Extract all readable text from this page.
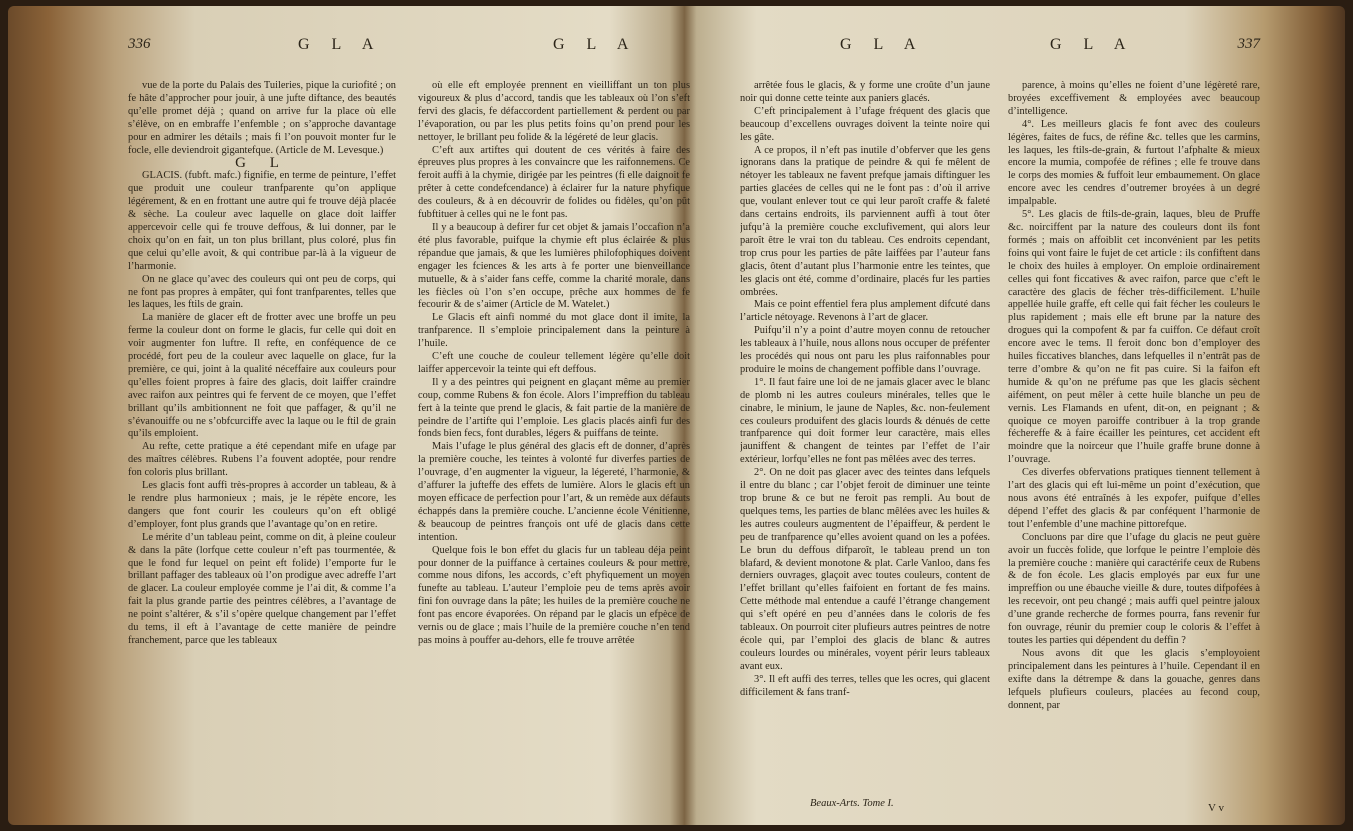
336	G L A	G L A

vue de la porte du Palais des Tuileries, pique la curiofité ; on fe hâte d’approcher pour jouir, à une jufte diftance, des beautés qu’elle promet déjà ; quand on arrive fur la place où elle s’élève, on en embraffe l’enfemble ; on s’approche davantage pour en admirer les détails ; mais fi l’on pouvoit monter fur le focle, elle deviendroit gigantefque. (Article de M. Levesque.)

G L

GLACIS. (fubft. mafc.) fignifie, en terme de peinture, l’effet que produit une couleur tranfparente qu’on applique légérement, & en en frottant une autre qui fe trouve déjà placée & sèche. La couleur avec laquelle on glace doit laiffer appercevoir celle qui fe trouve deffous, & lui donner, par le choix qu’on en fait, un ton plus brillant, plus coloré, plus fin que celui qu’elle avoit, & qui contribue par-là à la vigueur de l’harmonie.

On ne glace qu’avec des couleurs qui ont peu de corps, qui ne font pas propres à empâter, qui font tranfparentes, telles que les laques, les ftils de grain.

La manière de glacer eft de frotter avec une broffe un peu ferme la couleur dont on forme le glacis, fur celle qui doit en voir augmenter fon luftre. Il refte, en conféquence de ce procédé, fort peu de la couleur avec laquelle on glace, fur la première, ce qui, joint à la qualité néceffaire aux couleurs pour qu’elles foient propres à faire des glacis, doit laiffer craindre avec raifon aux peintres qui fe fervent de ce moyen, que l’effet brillant qu’ils ambitionnent ne foit que paffager, & qu’il ne s’évanouiffe ou ne s’obfcurciffe avec la laque ou le ftil de grain qu’ils emploient.

Au refte, cette pratique a été cependant mife en ufage par des maîtres célèbres. Rubens l’a fouvent adoptée, pour rendre fon coloris plus brillant.

Les glacis font auffi très-propres à accorder un tableau, & à le rendre plus harmonieux ; mais, je le répète encore, les dangers que font courir les couleurs qu’on eft obligé d’employer, font plus grands que l’avantage qu’on en retire.

Le mérite d’un tableau peint, comme on dit, à pleine couleur & dans la pâte (lorfque cette couleur n’eft pas tourmentée, & que le fond fur lequel on peint eft folide) l’emporte fur le brillant paffager des tableaux où l’on prodigue avec adreffe l’art de glacer. La couleur employée comme je l’ai dit, & comme l’a fait la plus grande partie des peintres célèbres, a l’avantage de ne point s’altérer, & s’il s’opère quelque changement par l’effet du tems, il eft à l’avantage de cette manière de peindre franchement, parce que les tableaux

où elle eft employée prennent en vieilliffant un ton plus vigoureux & plus d’accord, tandis que les tableaux où l’on s’eft fervi des glacis, fe défaccordent partiellement & perdent ou par l’évaporation, ou par les plus petits foins qu’on prend pour les nettoyer, le brillant peu folide & la légéreté de leur glacis.

C’eft aux artiftes qui doutent de ces vérités à faire des épreuves plus propres à les convaincre que les raifonnemens. Ce feroit auffi à la chymie, dirigée par les peintres (fi elle daignoit fe prêter à cette condefcendance) à éclairer fur la nature phyfique des couleurs, & à en découvrir de folides ou fidèles, qu’on pût fubftituer à celles qui ne le font pas.

Il y a beaucoup à defirer fur cet objet & jamais l’occafion n’a été plus favorable, puifque la chymie eft plus éclairée & plus répandue que jamais, & que les lumières philofophiques doivent engager les fciences & les arts à fe porter une bienveillance mutuelle, & à s’aider fans ceffe, comme la charité morale, dans les fiècles où l’on s’en occupe, prêche aux hommes de fe fecourir & de s’aimer (Article de M. Watelet.)

Le Glacis eft ainfi nommé du mot glace dont il imite, la tranfparence. Il s’emploie principalement dans la peinture à l’huile.

C’eft une couche de couleur tellement légère qu’elle doit laiffer appercevoir la teinte qui eft deffous.

Il y a des peintres qui peignent en glaçant même au premier coup, comme Rubens & fon école. Alors l’impreffion du tableau fert à la teinte que prend le glacis, & fait partie de la manière de peindre de l’artifte qui l’emploie. Les glacis placés ainfi fur des fonds bien fecs, font durables, légers & puiffans de teinte.

Mais l’ufage le plus général des glacis eft de donner, d’après la première couche, les teintes à volonté fur diverfes parties de l’ouvrage, d’en augmenter la vigueur, la légereté, l’harmonie, & d’affurer la jufteffe des effets de lumière. Alors le glacis eft un moyen efficace de perfection pour l’art, & un remède aux défauts échappés dans la première couche. L’ancienne école Vénitienne, & beaucoup de peintres françois ont ufé de glacis dans cette intention.

Quelque fois le bon effet du glacis fur un tableau déja peint pour donner de la puiffance à certaines couleurs & pour mettre, comme nous difons, les accords, c’eft phyfiquement un moyen funefte au tableau. L’auteur l’emploie peu de tems après avoir fini fon ouvrage dans la pâte; les huiles de la première couche ne font pas encore évaporées. On répand par le glacis un efpèce de vernis ou de glace ; mais l’huile de la première couche n’en tend pas moins à pouffer au-dehors, elle fe trouve arrêtée

G L A	G L A	337

arrêtée fous le glacis, & y forme une croûte d’un jaune noir qui donne cette teinte aux paniers glacés.

C’eft principalement à l’ufage fréquent des glacis que beaucoup d’excellens ouvrages doivent la teinte noire qui les gâte.

A ce propos, il n’eft pas inutile d’obferver que les gens ignorans dans la pratique de peindre & qui fe mêlent de nétoyer les tableaux ne favent prefque jamais diftinguer les parties glacées de celles qui ne le font pas : d’où il arrive que, voulant enlever tout ce qui leur paroît craffe & faleté dans certains endroits, ils parviennent auffi à tout ôter jufqu’à la première couche exclufivement, qui alors leur paroît être le vrai ton du tableau. Ces endroits cependant, trop crus pour les parties de pâte laiffées par l’auteur fans glacis, ôtent d’autant plus l’harmonie entre les teintes, que les glacis ont été, comme d’ordinaire, placés fur les parties ombrées.

Mais ce point effentiel fera plus amplement difcuté dans l’article nétoyage. Revenons à l’art de glacer.

Puifqu’il n’y a point d’autre moyen connu de retoucher les tableaux à l’huile, nous allons nous occuper de préfenter les procédés qui nous ont paru les plus raifonnables pour produire le moins de changement poffible dans l’ouvrage.

1°. Il faut faire une loi de ne jamais glacer avec le blanc de plomb ni les autres couleurs minérales, telles que le cinabre, le minium, le jaune de Naples, &c. non-feulement ces couleurs produifent des glacis lourds & dénués de cette tranfparence qui doit former leur caractère, mais elles jauniffent & changent de teintes par l’effet de l’air extérieur, lorfqu’elles ne font pas mêlées avec des terres.

2°. On ne doit pas glacer avec des teintes dans lefquels il entre du blanc ; car l’objet feroit de diminuer une teinte trop brune & ce but ne feroit pas rempli. Au bout de quelques tems, les parties de blanc mêlées avec les huiles & les autres couleurs augmentent de l’épaiffeur, & perdent le peu de tranfparence qu’elles avoient quand on les a pofées. Le brun du deffous difparoît, le tableau prend un ton blafard, & devient monotone & plat. Carle Vanloo, dans fes derniers ouvrages, glaçoit avec toutes couleurs, content de l’effet brillant qu’elles faifoient en fortant de fes mains. Cette méthode mal entendue a caufé l’étrange changement qui s’eft opéré en peu d’années dans le coloris de fes tableaux. On pourroit citer plufieurs autres peintres de notre école qui, par l’emploi des glacis de blanc & autres couleurs lourdes ou minérales, voyent périr leurs tableaux avant eux.

3°. Il eft auffi des terres, telles que les ocres, qui glacent difficilement & fans tranf-

Beaux-Arts. Tome I.

parence, à moins qu’elles ne foient d’une légèreté rare, broyées exceffivement & employées avec beaucoup d’intelligence.

4°. Les meilleurs glacis fe font avec des couleurs légères, faites de fucs, de réfine &c. telles que les carmins, les laques, les ftils-de-grain, & furtout l’afphalte & mieux encore la mumia, compofée de réfines ; elle fe trouve dans le corps des momies & fuffoit leur embaumement. On glace encore avec les cendres d’outremer broyées à un degré impalpable.

5°. Les glacis de ftils-de-grain, laques, bleu de Pruffe &c. noirciffent par la nature des couleurs dont ils font formés ; mais on affoiblit cet inconvénient par les petits foins qui vont faire le fujet de cet article : ils confiftent dans le choix des huiles à employer. On emploie ordinairement celles qui font ficcatives & avec raifon, parce que c’eft le caractère des glacis de fécher très-difficilement. L’huile appellée huile graffe, eft celle qui fait fécher les couleurs le plus rapidement ; mais elle eft brune par la nature des drogues qui la compofent & par fa cuiffon. Ce défaut croît encore avec le tems. Il feroit donc bon d’employer des huiles ficcatives blanches, dans lefquelles il n’entrât pas de terre d’ombre & qu’on ne fit pas cuire. Si la faifon eft humide & qu’on ne préfume pas que les glacis sèchent aifément, on peut mêler à cette huile blanche un peu de vernis. Les Flamands en ufent, dit-on, en peignant ; & quoique ce moyen paroiffe contribuer à la trop grande féchereffe & à faire écailler les peintures, cet accident eft moindre que la noirceur que l’huile graffe brune donne à l’ouvrage.

Ces diverfes obfervations pratiques tiennent tellement à l’art des glacis qui eft lui-même un point d’exécution, que nous avons été entraînés à les expofer, puifque d’elles dépend l’effet des glacis & par conféquent l’harmonie de tout l’enfemble d’une machine pittorefque.

Concluons par dire que l’ufage du glacis ne peut guère avoir un fuccès folide, que lorfque le peintre l’emploie dès la première couche : manière qui caractérife ceux de Rubens & de fon école. Les glacis employés par eux fur une impreffion ou une ébauche vieille & dure, toutes difpofées à les recevoir, ont peu changé ; mais auffi quel peintre jaloux d’une grande recherche de formes pourra, fans revenir fur fon ouvrage, réunir du premier coup le coloris & l’effet à toutes les parties qui dépendent du deffin ?

Nous avons dit que les glacis s’employoient principalement dans les peintures à l’huile. Cependant il en exifte dans la détrempe & dans la gouache, genres dans lefquels plufieurs couleurs, placées au fecond coup, donnent, par

V v
